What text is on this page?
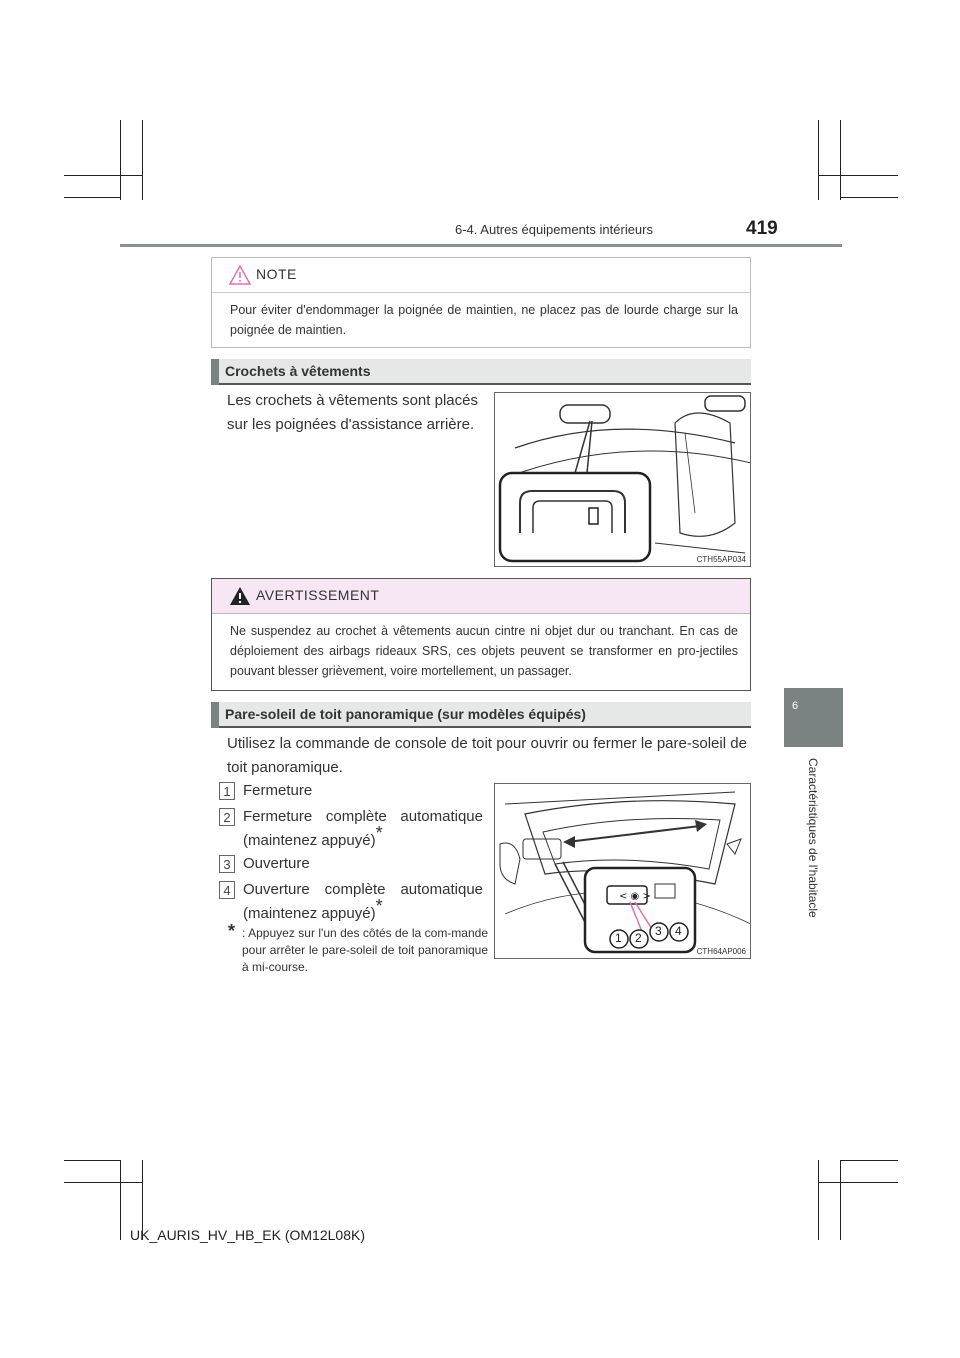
6-4. Autres équipements intérieurs	419
6
Caractéristiques de l'habitacle
NOTE
Pour éviter d'endommager la poignée de maintien, ne placez pas de lourde charge sur la poignée de maintien.
Crochets à vêtements
Les crochets à vêtements sont placés sur les poignées d'assistance arrière.
CTH55AP034
AVERTISSEMENT
Ne suspendez au crochet à vêtements aucun cintre ni objet dur ou tranchant. En cas de déploiement des airbags rideaux SRS, ces objets peuvent se transformer en pro-jectiles pouvant blesser grièvement, voire mortellement, un passager.
Pare-soleil de toit panoramique (sur modèles équipés)
Utilisez la commande de console de toit pour ouvrir ou fermer le pare-soleil de toit panoramique.
1 Fermeture
2 Fermeture complète automatique (maintenez appuyé)*
3 Ouverture
4 Ouverture complète automatique (maintenez appuyé)*
* : Appuyez sur l'un des côtés de la com-mande pour arrêter le pare-soleil de toit panoramique à mi-course.
< ◉ >
1 2 3 4
CTH64AP006
UK_AURIS_HV_HB_EK (OM12L08K)
